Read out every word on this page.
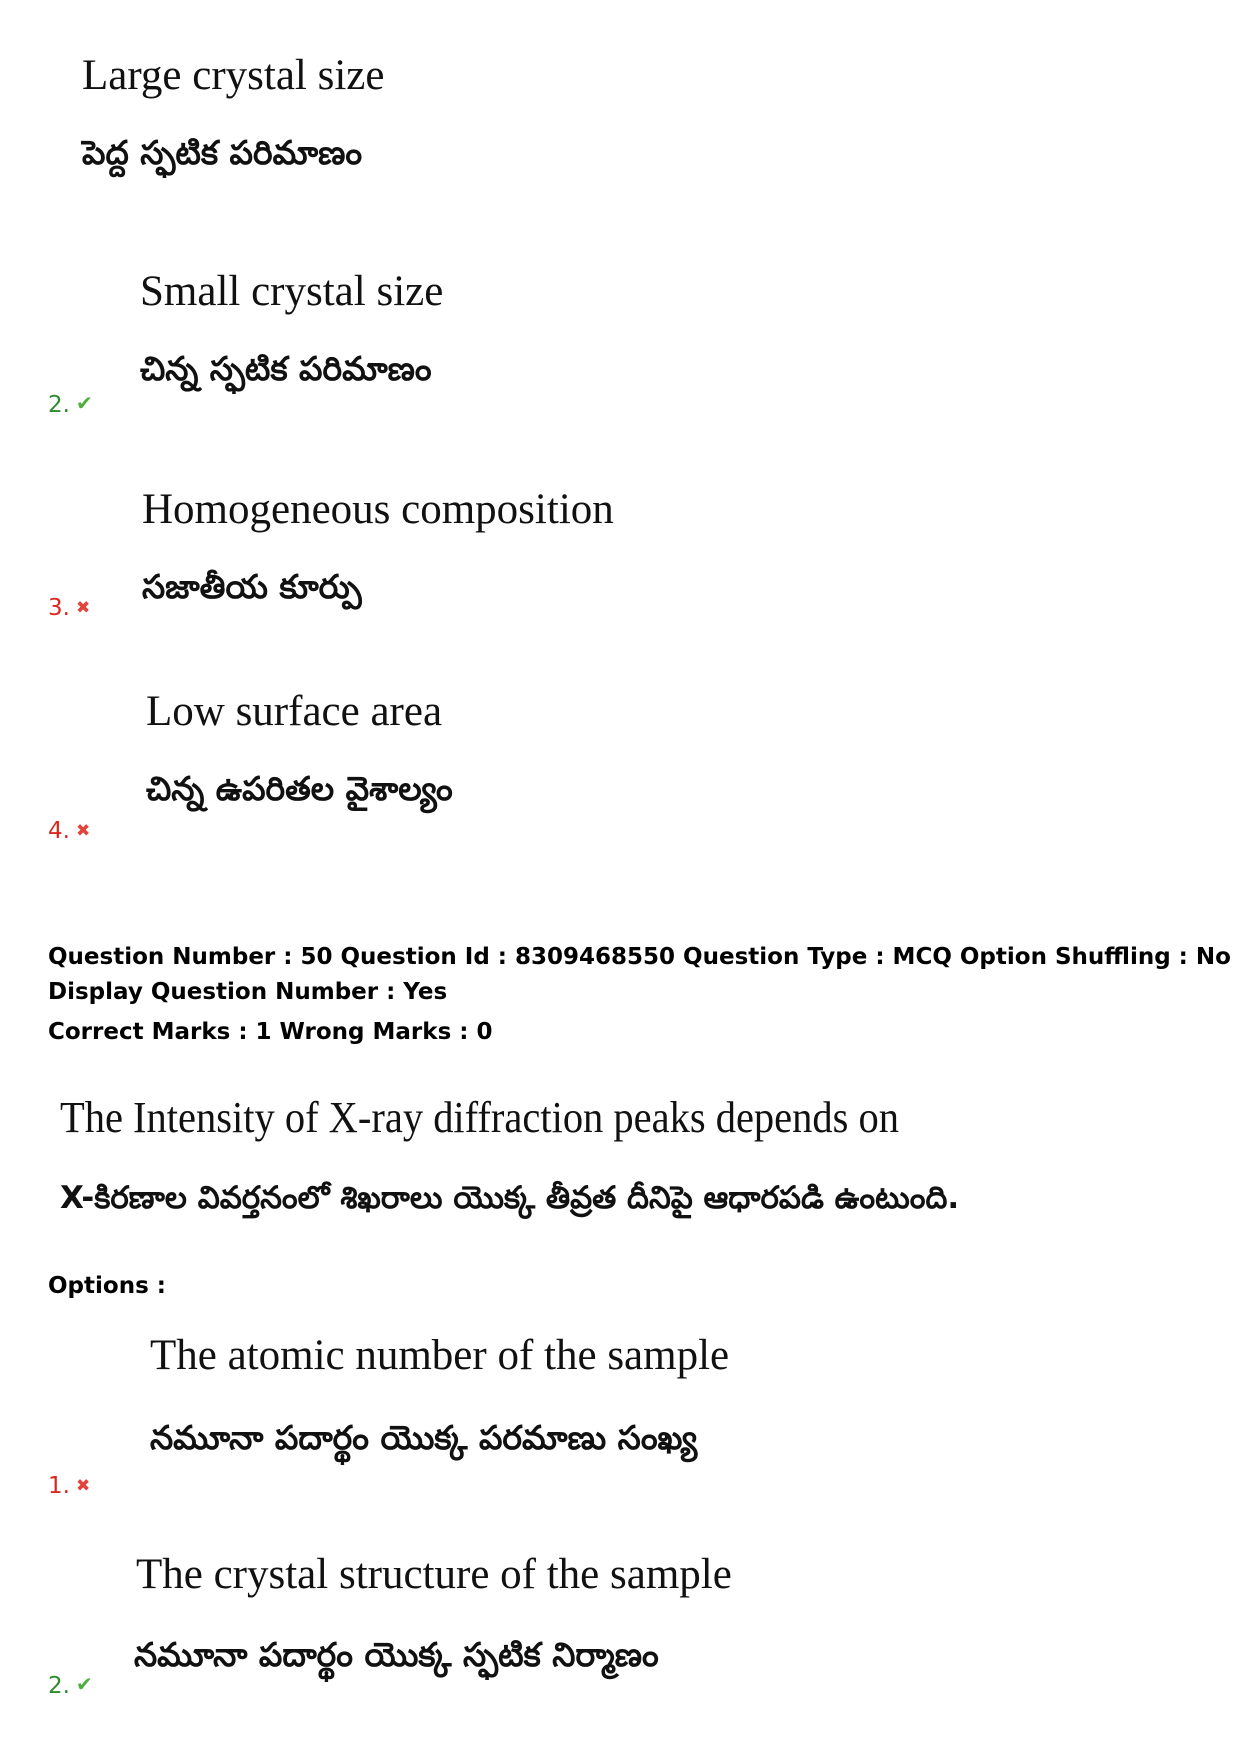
Large crystal size
పెద్ద స్ఫటిక పరిమాణం
Small crystal size
చిన్న స్ఫటిక పరిమాణం
2. ✔
Homogeneous composition
సజాతీయ కూర్పు
3. ✖
Low surface area
చిన్న ఉపరితల వైశాల్యం
4. ✖
Question Number : 50 Question Id : 8309468550 Question Type : MCQ Option Shuffling : No
Display Question Number : Yes
Correct Marks : 1 Wrong Marks : 0
The Intensity of X-ray diffraction peaks depends on
X-కిరణాల వివర్తనంలో శిఖరాలు యొక్క తీవ్రత దీనిపై ఆధారపడి ఉంటుంది.
Options :
The atomic number of the sample
నమూనా పదార్థం యొక్క పరమాణు సంఖ్య
1. ✖
The crystal structure of the sample
నమూనా పదార్థం యొక్క స్ఫటిక నిర్మాణం
2. ✔
